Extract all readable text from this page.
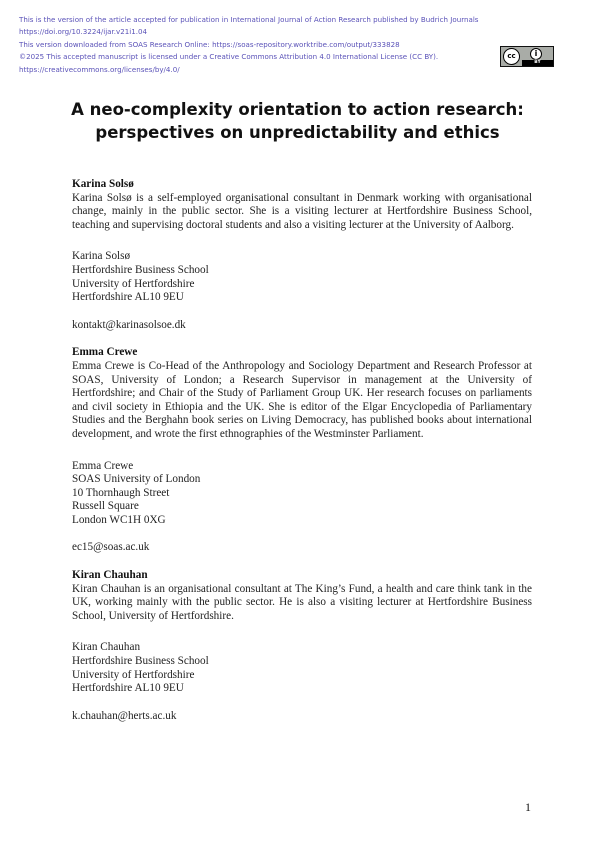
This is the version of the article accepted for publication in International Journal of Action Research published by Budrich Journals
https://doi.org/10.3224/ijar.v21i1.04
This version downloaded from SOAS Research Online: https://soas-repository.worktribe.com/output/333828
©2025 This accepted manuscript is licensed under a Creative Commons Attribution 4.0 International License (CC BY).
https://creativecommons.org/licenses/by/4.0/
cc	i
BY
A neo-complexity orientation to action research:
perspectives on unpredictability and ethics
Karina Solsø

Karina Solsø is a self-employed organisational consultant in Denmark working with organisational change, mainly in the public sector. She is a visiting lecturer at Hertfordshire Business School, teaching and supervising doctoral students and also a visiting lecturer at the University of Aalborg.

Karina Solsø
Hertfordshire Business School
University of Hertfordshire
Hertfordshire AL10 9EU
kontakt@karinasolsoe.dk
Emma Crewe

Emma Crewe is Co-Head of the Anthropology and Sociology Department and Research Professor at SOAS, University of London; a Research Supervisor in management at the University of Hertfordshire; and Chair of the Study of Parliament Group UK. Her research focuses on parliaments and civil society in Ethiopia and the UK. She is editor of the Elgar Encyclopedia of Parliamentary Studies and the Berghahn book series on Living Democracy, has published books about international development, and wrote the first ethnographies of the Westminster Parliament.

Emma Crewe
SOAS University of London
10 Thornhaugh Street
Russell Square
London WC1H 0XG
ec15@soas.ac.uk
Kiran Chauhan

Kiran Chauhan is an organisational consultant at The King’s Fund, a health and care think tank in the UK, working mainly with the public sector. He is also a visiting lecturer at Hertfordshire Business School, University of Hertfordshire.

Kiran Chauhan
Hertfordshire Business School
University of Hertfordshire
Hertfordshire AL10 9EU
k.chauhan@herts.ac.uk
1
